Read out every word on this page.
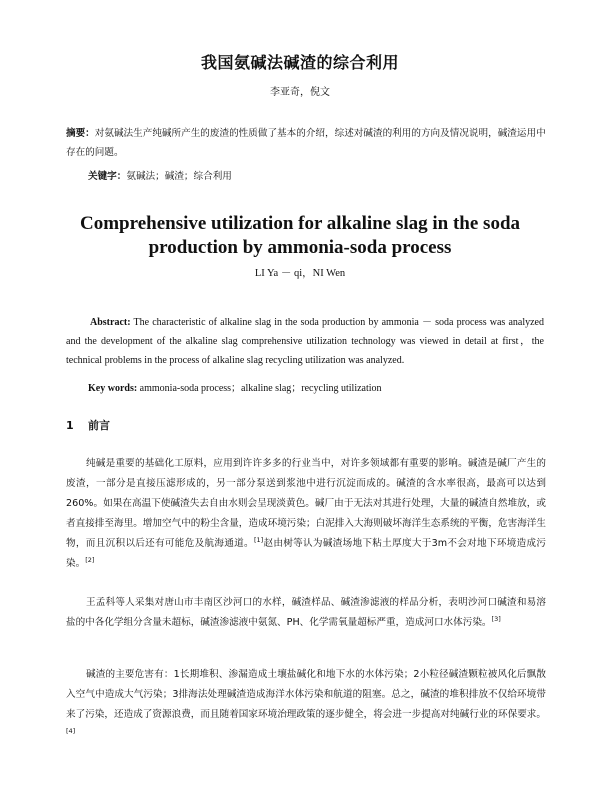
我国氨碱法碱渣的综合利用
李亚奇，倪文
摘要：对氨碱法生产纯碱所产生的废渣的性质做了基本的介绍，综述对碱渣的利用的方向及情况说明，碱渣运用中存在的问题。
关键字：氨碱法；碱渣；综合利用
Comprehensive utilization for alkaline slag in the soda production by ammonia-soda process
LI Ya － qi，NI Wen
Abstract: The characteristic of alkaline slag in the soda production by ammonia － soda process was analyzed and the development of the alkaline slag comprehensive utilization technology was viewed in detail at first，the technical problems in the process of alkaline slag recycling utilization was analyzed.
Key words: ammonia-soda process；alkaline slag；recycling utilization
1 前言
纯碱是重要的基础化工原料，应用到许许多多的行业当中，对许多领域都有重要的影响。碱渣是碱厂产生的废渣，一部分是直接压滤形成的，另一部分泵送到浆池中进行沉淀而成的。碱渣的含水率很高，最高可以达到260%。如果在高温下使碱渣失去自由水则会呈现淡黄色。碱厂由于无法对其进行处理，大量的碱渣自然堆放，或者直接排至海里。增加空气中的粉尘含量，造成环境污染；白泥排入大海则破坏海洋生态系统的平衡，危害海洋生物，而且沉积以后还有可能危及航海通道。[1]赵由树等认为碱渣场地下粘土厚度大于3m不会对地下环境造成污染。[2]
王孟科等人采集对唐山市丰南区沙河口的水样，碱渣样品、碱渣渗滤液的样品分析，表明沙河口碱渣和易溶盐的中各化学组分含量未超标，碱渣渗滤液中氨氮、PH、化学需氧量超标严重，造成河口水体污染。[3]
碱渣的主要危害有：1长期堆积、渗漏造成土壤盐碱化和地下水的水体污染；2小粒径碱渣颗粒被风化后飘散入空气中造成大气污染；3排海法处理碱渣造成海洋水体污染和航道的阻塞。总之，碱渣的堆积排放不仅给环境带来了污染，还造成了资源浪费，而且随着国家环境治理政策的逐步健全，将会进一步提高对纯碱行业的环保要求。[4]
